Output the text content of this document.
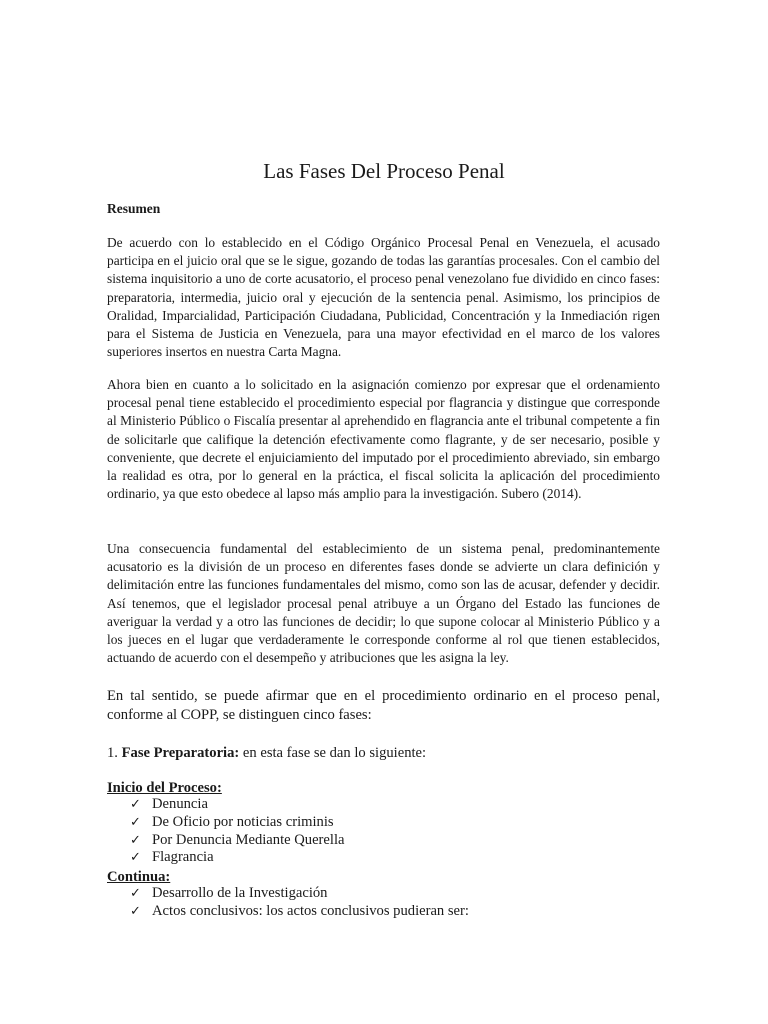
Las Fases Del Proceso Penal

Resumen

De acuerdo con lo establecido en el Código Orgánico Procesal Penal en Venezuela, el acusado participa en el juicio oral que se le sigue, gozando de todas las garantías procesales. Con el cambio del sistema inquisitorio a uno de corte acusatorio, el proceso penal venezolano fue dividido en cinco fases: preparatoria, intermedia, juicio oral y ejecución de la sentencia penal. Asimismo, los principios de Oralidad, Imparcialidad, Participación Ciudadana, Publicidad, Concentración y la Inmediación rigen para el Sistema de Justicia en Venezuela, para una mayor efectividad en el marco de los valores superiores insertos en nuestra Carta Magna.

Ahora bien en cuanto a lo solicitado en la asignación comienzo por expresar que el ordenamiento procesal penal tiene establecido el procedimiento especial por flagrancia y distingue que corresponde al Ministerio Público o Fiscalía presentar al aprehendido en flagrancia ante el tribunal competente a fin de solicitarle que califique la detención efectivamente como flagrante, y de ser necesario, posible y conveniente, que decrete el enjuiciamiento del imputado por el procedimiento abreviado, sin embargo la realidad es otra, por lo general en la práctica, el fiscal solicita la aplicación del procedimiento ordinario, ya que esto obedece al lapso más amplio para la investigación. Subero (2014).

Una consecuencia fundamental del establecimiento de un sistema penal, predominantemente acusatorio es la división de un proceso en diferentes fases donde se advierte un clara definición y delimitación entre las funciones fundamentales del mismo, como son las de acusar, defender y decidir. Así tenemos, que el legislador procesal penal atribuye a un Órgano del Estado las funciones de averiguar la verdad y a otro las funciones de decidir; lo que supone colocar al Ministerio Público y a los jueces en el lugar que verdaderamente le corresponde conforme al rol que tienen establecidos, actuando de acuerdo con el desempeño y atribuciones que les asigna la ley.

En tal sentido, se puede afirmar que en el procedimiento ordinario en el proceso penal, conforme al COPP, se distinguen cinco fases:

1. Fase Preparatoria: en esta fase se dan lo siguiente:

Inicio del Proceso:

✓ Denuncia
✓ De Oficio por noticias criminis
✓ Por Denuncia Mediante Querella
✓ Flagrancia

Continua:

✓ Desarrollo de la Investigación
✓ Actos conclusivos: los actos conclusivos pudieran ser:
